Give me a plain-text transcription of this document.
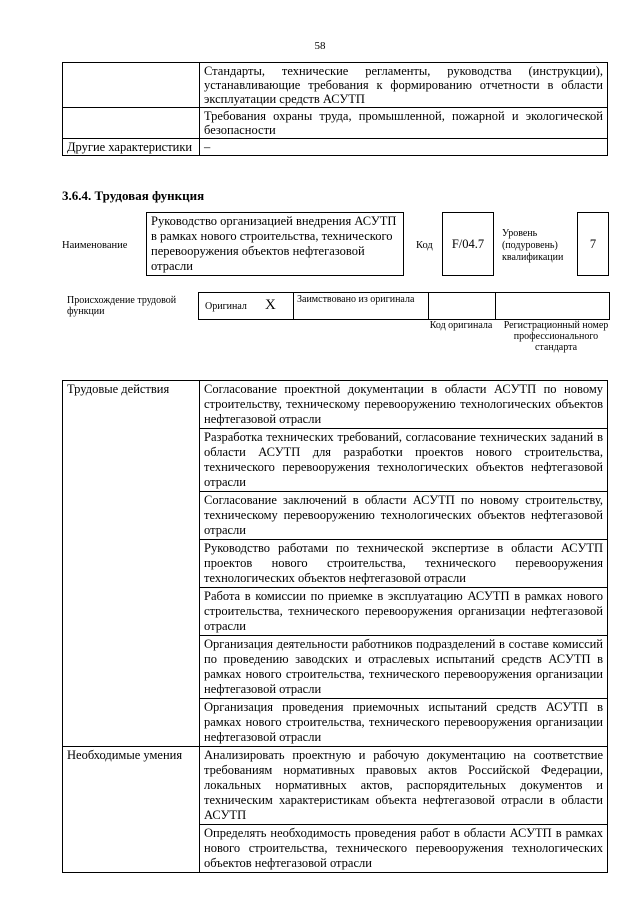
58
	Стандарты, технические регламенты, руководства (инструкции), устанавливающие требования к формированию отчетности в области эксплуатации средств АСУТП
	Требования охраны труда, промышленной, пожарной и экологической безопасности
Другие характеристики	–
3.6.4. Трудовая функция
Наименование
Руководство организацией внедрения АСУТП в рамках нового строительства, технического перевооружения объектов нефтегазовой отрасли
Код	F/04.7
Уровень (подуровень) квалификации
7
Происхождение трудовой функции	Оригинал X	Заимствовано из оригинала
Код оригинала	Регистрационный номер профессионального стандарта
Трудовые действия	Согласование проектной документации в области АСУТП по новому строительству, техническому перевооружению технологических объектов нефтегазовой отрасли
	Разработка технических требований, согласование технических заданий в области АСУТП для разработки проектов нового строительства, технического перевооружения технологических объектов нефтегазовой отрасли
	Согласование заключений в области АСУТП по новому строительству, техническому перевооружению технологических объектов нефтегазовой отрасли
	Руководство работами по технической экспертизе в области АСУТП проектов нового строительства, технического перевооружения технологических объектов нефтегазовой отрасли
	Работа в комиссии по приемке в эксплуатацию АСУТП в рамках нового строительства, технического перевооружения организации нефтегазовой отрасли
	Организация деятельности работников подразделений в составе комиссий по проведению заводских и отраслевых испытаний средств АСУТП в рамках нового строительства, технического перевооружения организации нефтегазовой отрасли
	Организация проведения приемочных испытаний средств АСУТП в рамках нового строительства, технического перевооружения организации нефтегазовой отрасли
Необходимые умения	Анализировать проектную и рабочую документацию на соответствие требованиям нормативных правовых актов Российской Федерации, локальных нормативных актов, распорядительных документов и техническим характеристикам объекта нефтегазовой отрасли в области АСУТП
	Определять необходимость проведения работ в области АСУТП в рамках нового строительства, технического перевооружения технологических объектов нефтегазовой отрасли
